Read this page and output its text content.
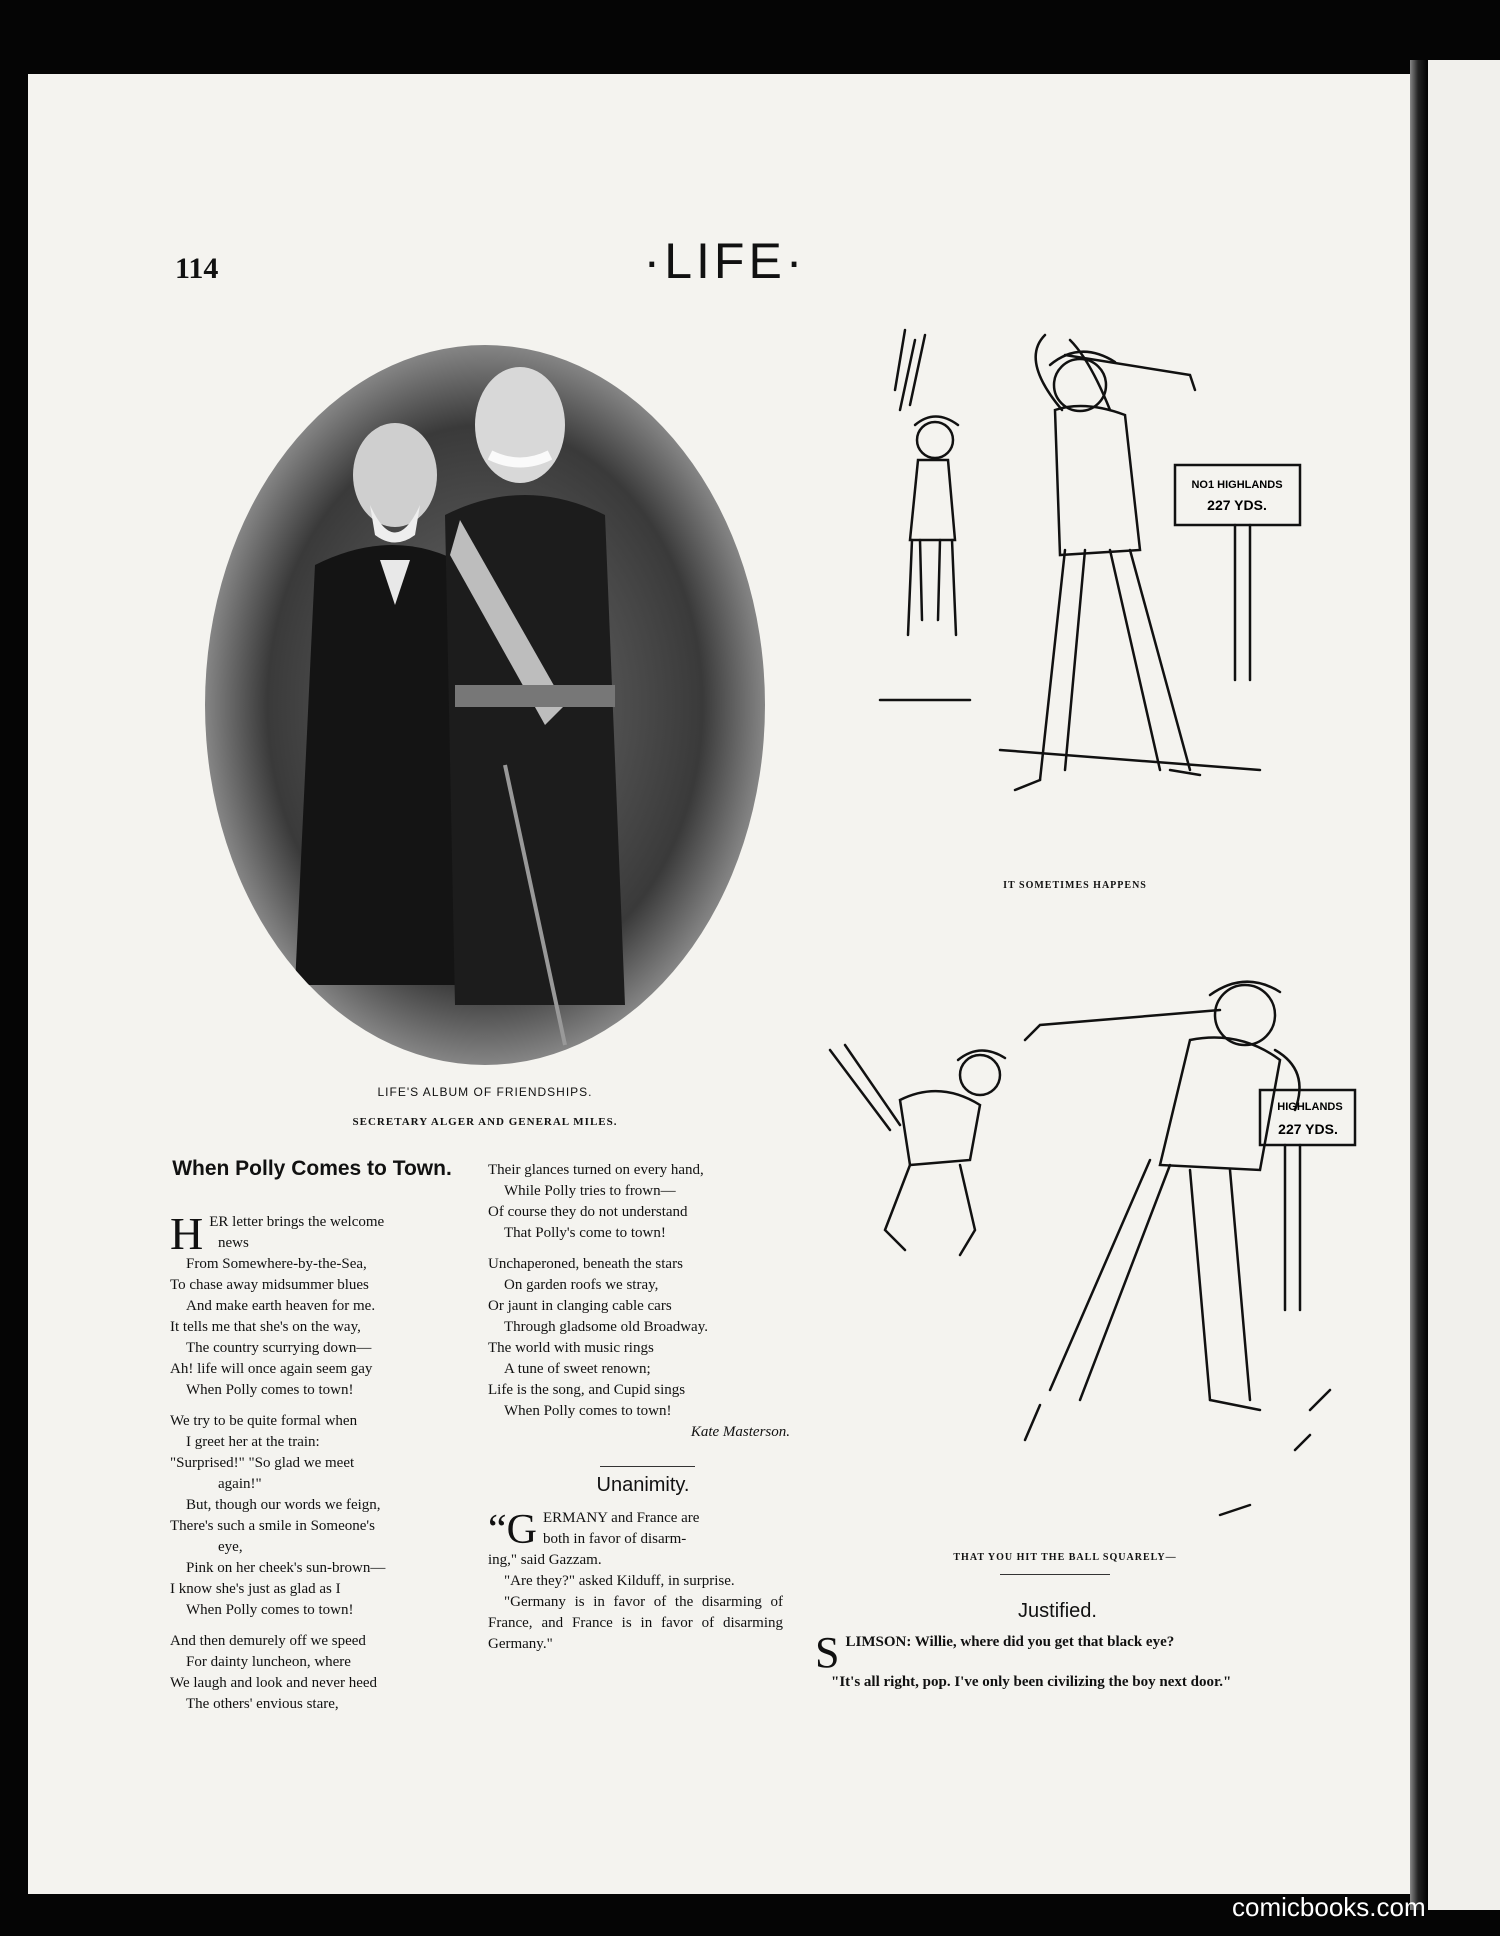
114	·LIFE·
LIFE'S ALBUM OF FRIENDSHIPS.
SECRETARY ALGER AND GENERAL MILES.
When Polly Comes to Town.
H ER letter brings the welcome
news
From Somewhere-by-the-Sea,
To chase away midsummer blues
And make earth heaven for me.
It tells me that she's on the way,
The country scurrying down—
Ah! life will once again seem gay
When Polly comes to town!
We try to be quite formal when
I greet her at the train:
"Surprised!" "So glad we meet
again!"
But, though our words we feign,
There's such a smile in Someone's
eye,
Pink on her cheek's sun-brown—
I know she's just as glad as I
When Polly comes to town!
And then demurely off we speed
For dainty luncheon, where
We laugh and look and never heed
The others' envious stare,
Their glances turned on every hand,
While Polly tries to frown—
Of course they do not understand
That Polly's come to town!
Unchaperoned, beneath the stars
On garden roofs we stray,
Or jaunt in clanging cable cars
Through gladsome old Broadway.
The world with music rings
A tune of sweet renown;
Life is the song, and Cupid sings
When Polly comes to town!
Kate Masterson.
Unanimity.
“G ERMANY and France are
both in favor of disarm-
ing," said Gazzam.

"Are they?" asked Kilduff, in surprise.

"Germany is in favor of the disarming of France, and France is in favor of disarming Germany."

NO1 HIGHLANDS
227 YDS.
IT SOMETIMES HAPPENS
HIGHLANDS
227 YDS.
THAT YOU HIT THE BALL SQUARELY—
Justified.
S LIMSON: Willie, where did you get that black eye?

"It's all right, pop. I've only been civilizing the boy next door."

comicbooks.com
